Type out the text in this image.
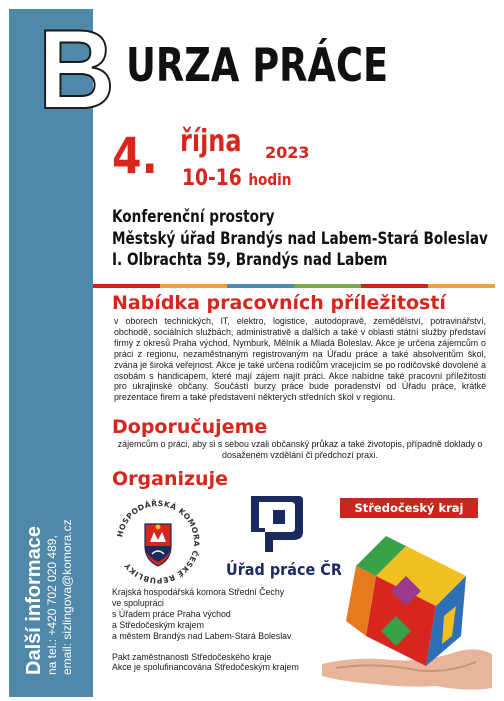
Další informace na tel.: +420 702 020 489, email: sizlingova@komora.cz
B URZA PRÁCE
4. října 2023
10-16 hodin
Konferenční prostory
Městský úřad Brandýs nad Labem-Stará Boleslav
I. Olbrachta 59, Brandýs nad Labem
Nabídka pracovních příležitostí
v oborech technických, IT, elektro, logistice, autodopravě, zemědělství, potravinářství, obchodě, sociálních službách, administrativě a dalších a také v oblasti státní služby představí firmy z okresů Praha východ, Nymburk, Mělník a Mladá Boleslav. Akce je určena zájemcům o práci z regionu, nezaměstnaným registrovaným na Úřadu práce a také absolventům škol, zvána je široká veřejnost. Akce je také určena rodičům vracejícím se po rodičovské dovolené a osobám s handicapem, které mají zájem najít práci. Akce nabídne také pracovní příležitosti pro ukrajinské občany. Součástí burzy práce bude poradenství od Úřadu práce, krátké prezentace firem a také představení některých středních škol v regionu.
Doporučujeme
zájemcům o práci, aby si s sebou vzali občanský průkaz a také životopis, případně doklady o dosaženém vzdělání či předchozí praxi.
Organizuje
HOSPODÁŘSKÁ KOMORA ČESKÉ REPUBLIKY	Úřad práce ČR
Středočeský kraj
Krajská hospodářská komora Střední Čechy
ve spolupráci
s Úřadem práce Praha východ
a Středočeským krajem
a městem Brandýs nad Labem-Stará Boleslav
Pakt zaměstnanosti Středočeského kraje
Akce je spolufinancována Středočeským krajem
